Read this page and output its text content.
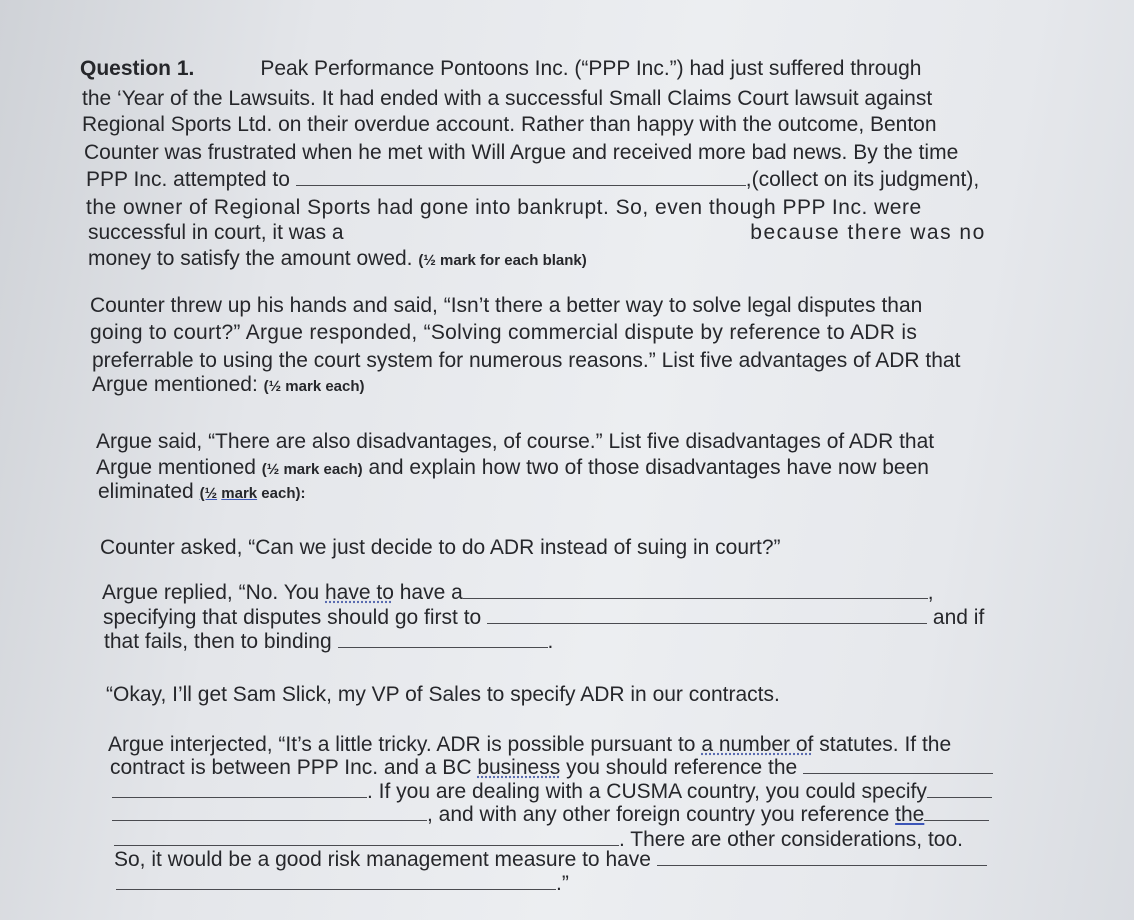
Question 1.	Peak Performance Pontoons Inc. (“PPP Inc.”) had just suffered through
the ‘Year of the Lawsuits. It had ended with a successful Small Claims Court lawsuit against
Regional Sports Ltd. on their overdue account. Rather than happy with the outcome, Benton
Counter was frustrated when he met with Will Argue and received more bad news. By the time
PPP Inc. attempted to	,(collect on its judgment),
the owner of Regional Sports had gone into bankrupt. So, even though PPP Inc. were
successful in court, it was a	because there was no
money to satisfy the amount owed. (½ mark for each blank)
Counter threw up his hands and said, “Isn’t there a better way to solve legal disputes than
going to court?” Argue responded, “Solving commercial dispute by reference to ADR is
preferrable to using the court system for numerous reasons.” List five advantages of ADR that
Argue mentioned: (½ mark each)
Argue said, “There are also disadvantages, of course.” List five disadvantages of ADR that
Argue mentioned (½ mark each) and explain how two of those disadvantages have now been
eliminated (½ mark each):
Counter asked, “Can we just decide to do ADR instead of suing in court?”
Argue replied, “No. You have to have a	,
specifying that disputes should go first to	and if
that fails, then to binding	.
“Okay, I’ll get Sam Slick, my VP of Sales to specify ADR in our contracts.
Argue interjected, “It’s a little tricky. ADR is possible pursuant to a number of statutes. If the
contract is between PPP Inc. and a BC business you should reference the
. If you are dealing with a CUSMA country, you could specify
, and with any other foreign country you reference the
. There are other considerations, too.
So, it would be a good risk management measure to have
.”
